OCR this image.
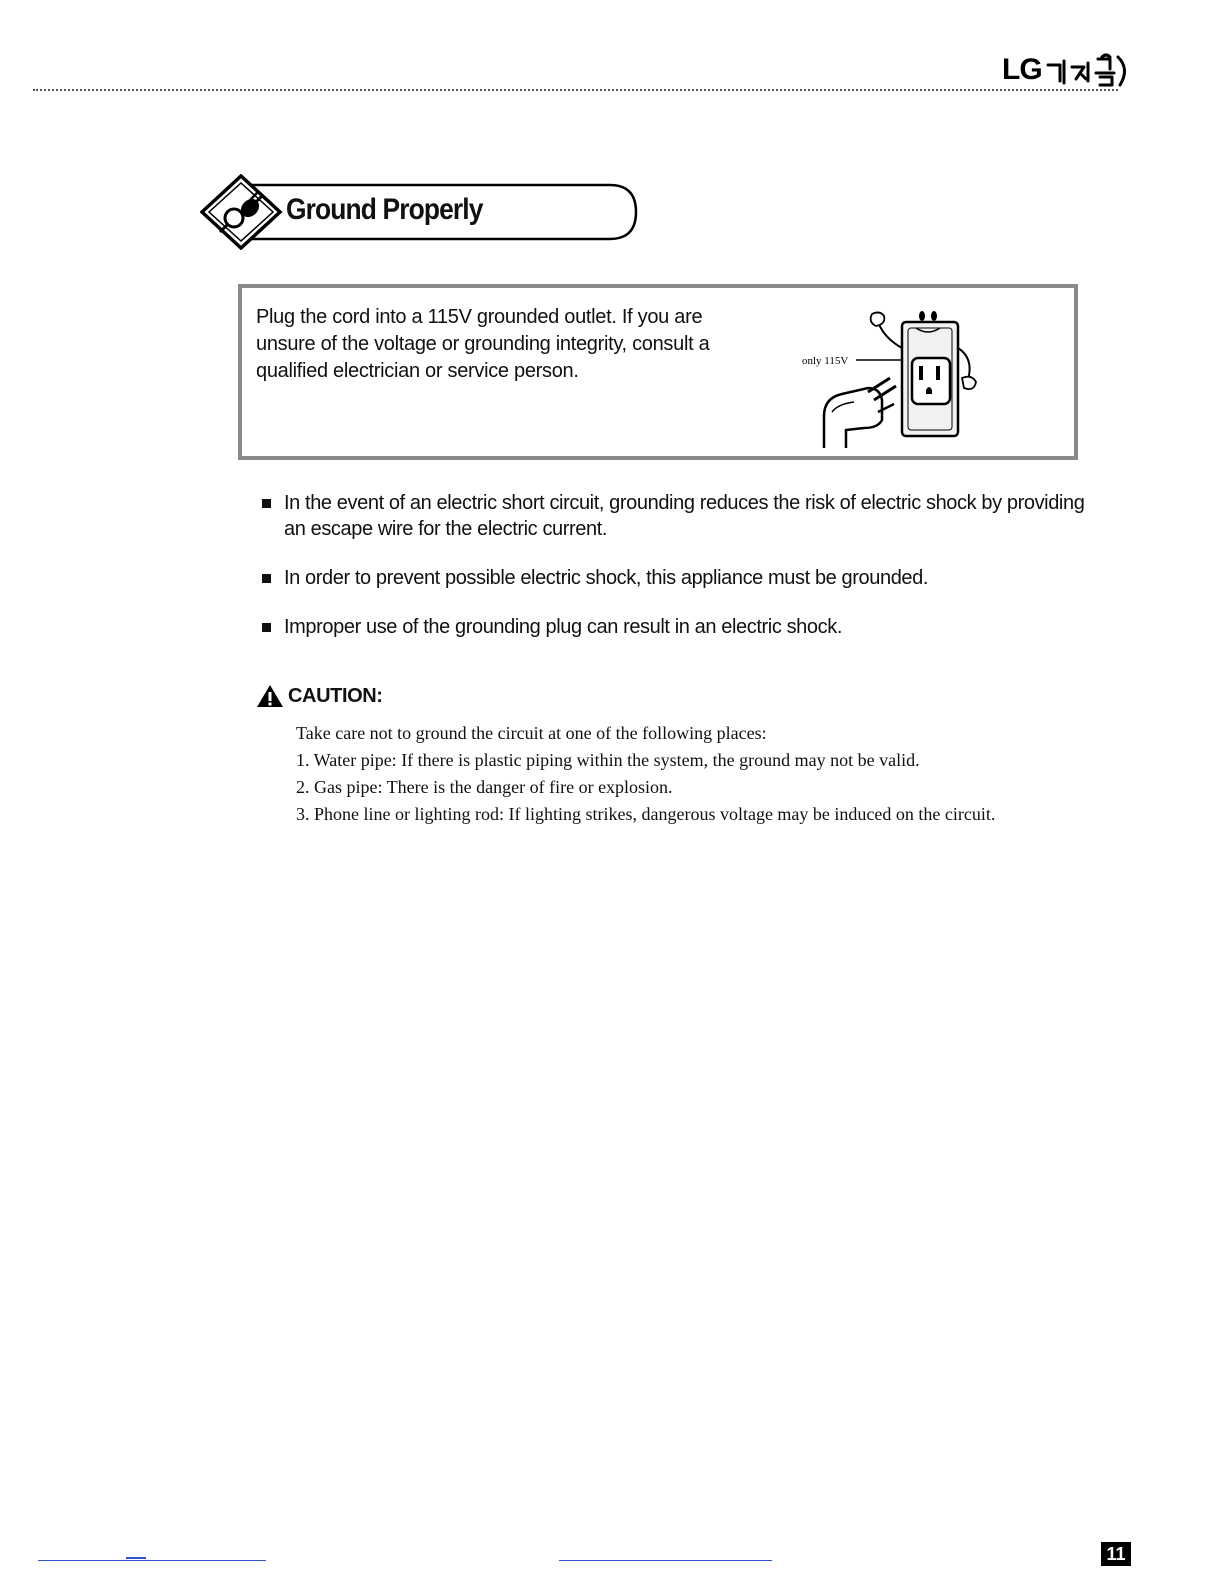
LG
Ground Properly
Plug the cord into a 115V grounded outlet. If you are
unsure of the voltage or grounding integrity, consult a
qualified electrician or service person.	only 115V
In the event of an electric short circuit, grounding reduces the risk of electric shock by providing an escape wire for the electric current.
In order to prevent possible electric shock, this appliance must be grounded.
Improper use of the grounding plug can result in an electric shock.
CAUTION:
Take care not to ground the circuit at one of the following places:
1. Water pipe: If there is plastic piping within the system, the ground may not be valid.
2. Gas pipe: There is the danger of fire or explosion.
3. Phone line or lighting rod: If lighting strikes, dangerous voltage may be induced on the circuit.
11
